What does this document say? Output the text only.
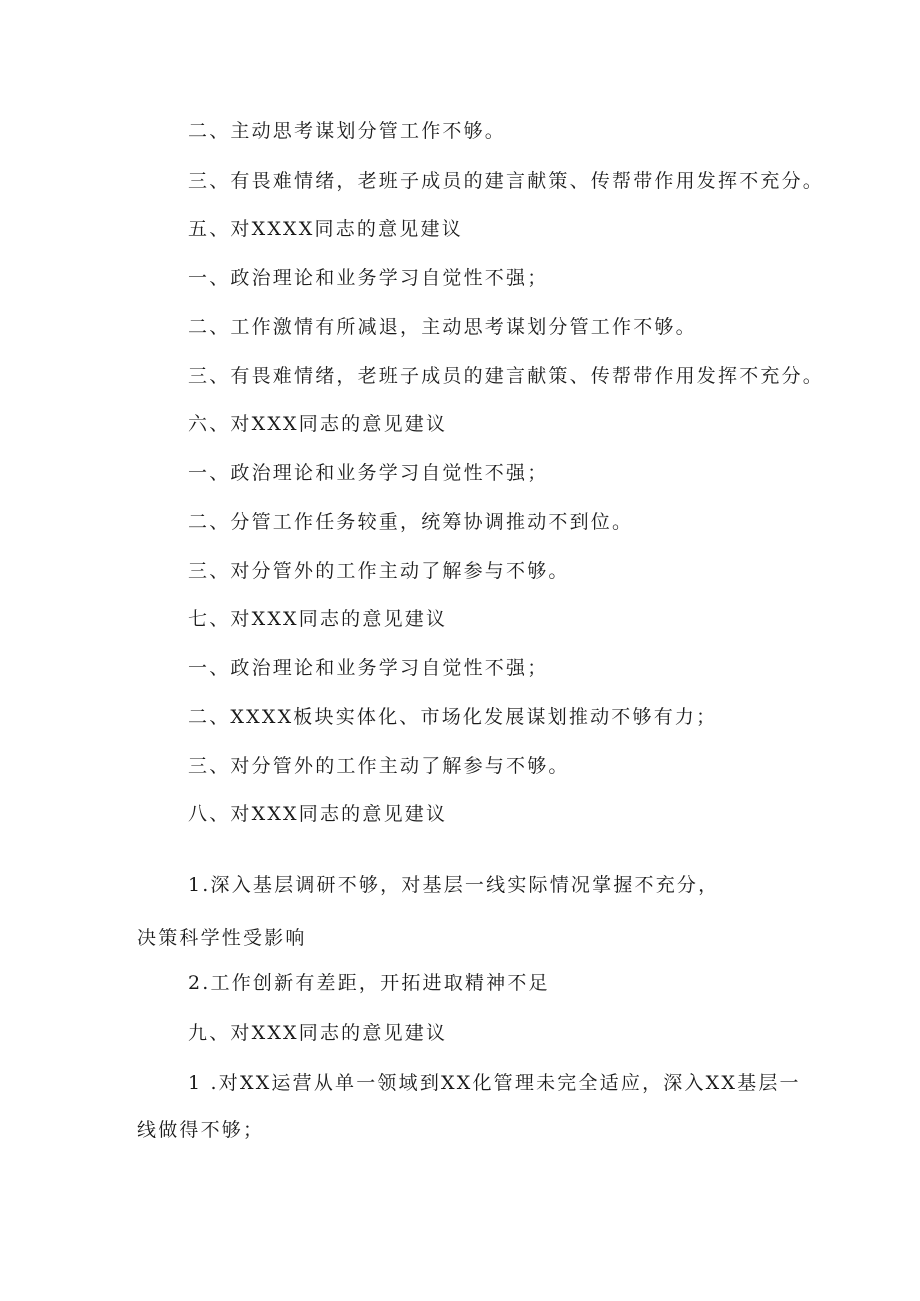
二、主动思考谋划分管工作不够。
三、有畏难情绪，老班子成员的建言献策、传帮带作用发挥不充分。
五、对XXXX同志的意见建议
一、政治理论和业务学习自觉性不强；
二、工作激情有所减退，主动思考谋划分管工作不够。
三、有畏难情绪，老班子成员的建言献策、传帮带作用发挥不充分。
六、对XXX同志的意见建议
一、政治理论和业务学习自觉性不强；
二、分管工作任务较重，统筹协调推动不到位。
三、对分管外的工作主动了解参与不够。
七、对XXX同志的意见建议
一、政治理论和业务学习自觉性不强；
二、XXXX板块实体化、市场化发展谋划推动不够有力；
三、对分管外的工作主动了解参与不够。
八、对XXX同志的意见建议
1.深入基层调研不够，对基层一线实际情况掌握不充分，
决策科学性受影响
2.工作创新有差距，开拓进取精神不足
九、对XXX同志的意见建议
1 .对XX运营从单一领域到XX化管理未完全适应，深入XX基层一
线做得不够；
